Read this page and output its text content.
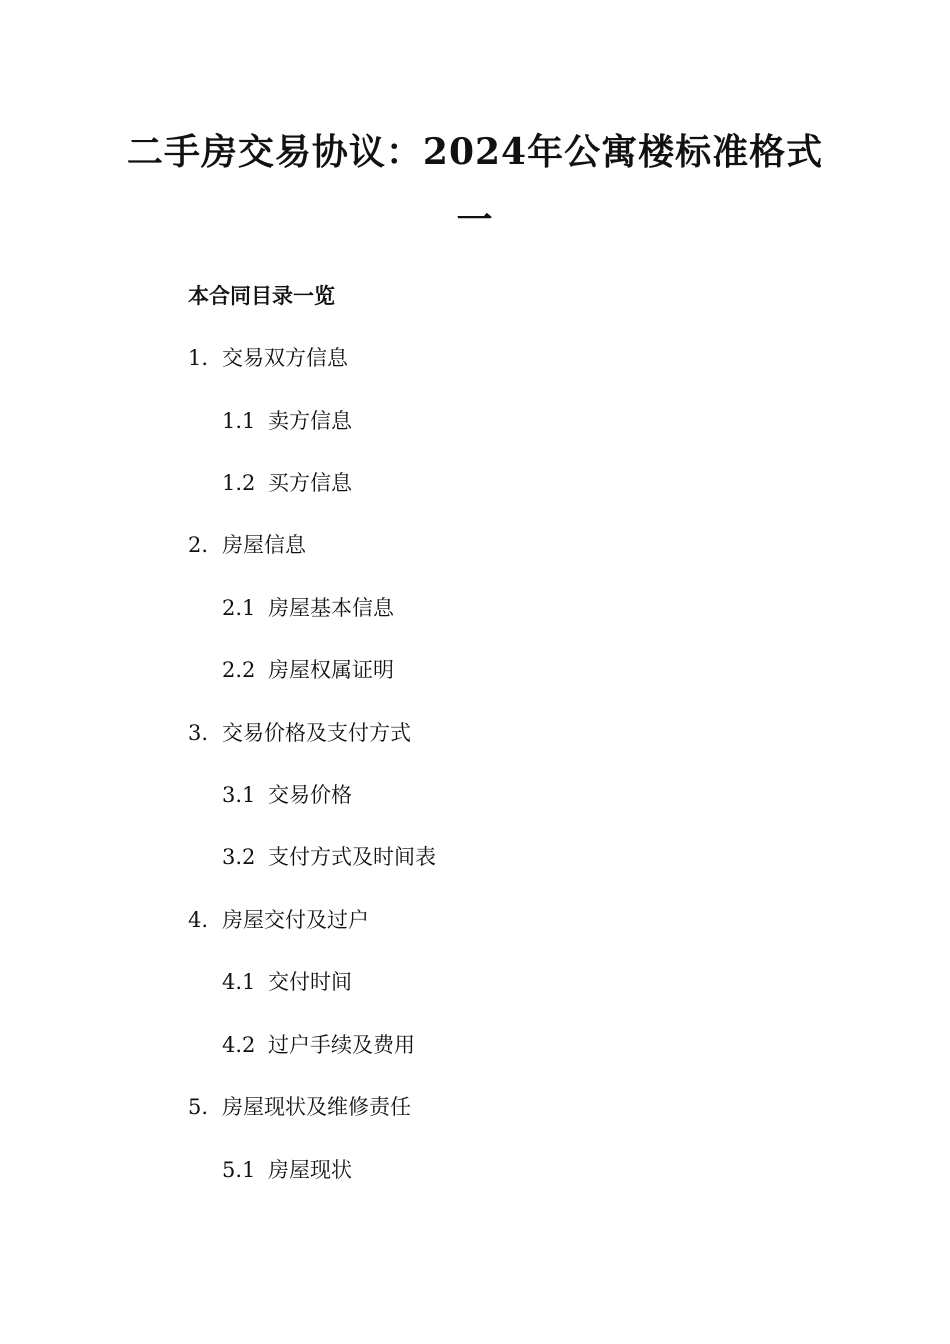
二手房交易协议：2024年公寓楼标准格式
一
本合同目录一览
1. 交易双方信息
1.1 卖方信息
1.2 买方信息
2. 房屋信息
2.1 房屋基本信息
2.2 房屋权属证明
3. 交易价格及支付方式
3.1 交易价格
3.2 支付方式及时间表
4. 房屋交付及过户
4.1 交付时间
4.2 过户手续及费用
5. 房屋现状及维修责任
5.1 房屋现状
